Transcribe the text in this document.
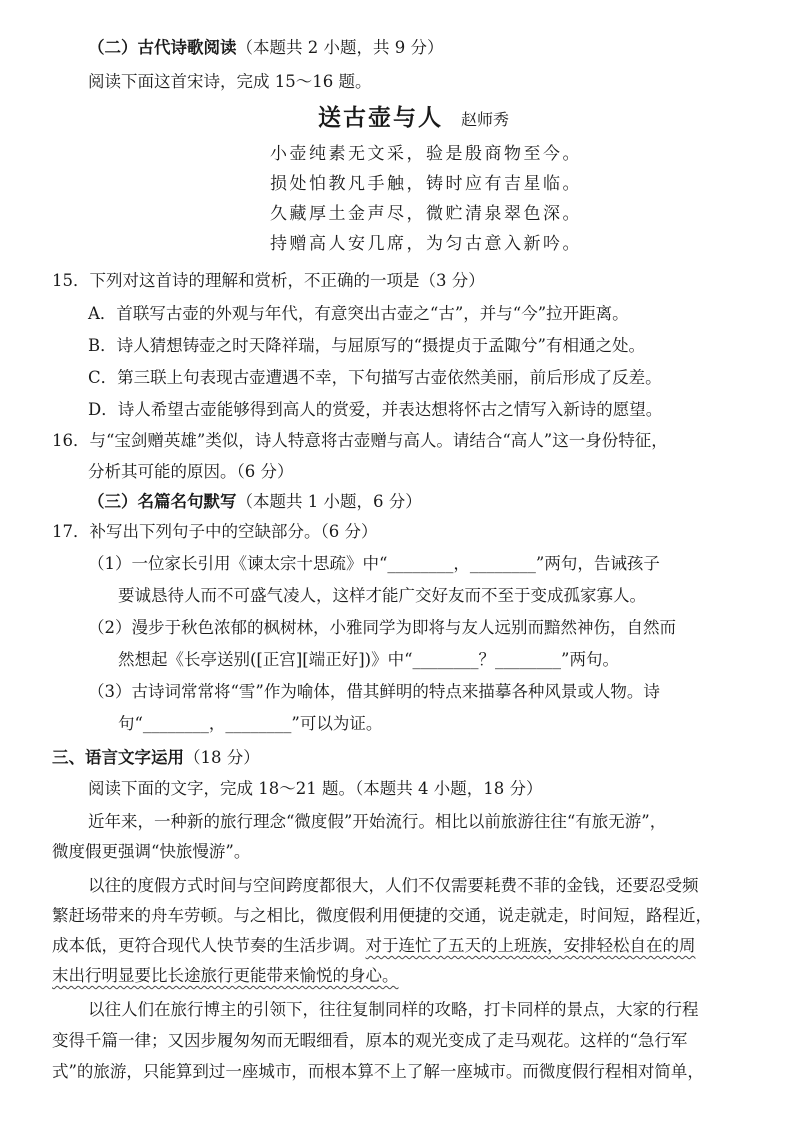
（二）古代诗歌阅读（本题共 2 小题，共 9 分）
阅读下面这首宋诗，完成 15～16 题。
送古壶与人 赵师秀
小壶纯素无文采，验是殷商物至今。
损处怕教凡手触，铸时应有吉星临。
久藏厚土金声尽，微贮清泉翠色深。
持赠高人安几席，为匀古意入新吟。
15．下列对这首诗的理解和赏析，不正确的一项是（3 分）
A．首联写古壶的外观与年代，有意突出古壶之“古”，并与“今”拉开距离。
B．诗人猜想铸壶之时天降祥瑞，与屈原写的“摄提贞于孟陬兮”有相通之处。
C．第三联上句表现古壶遭遇不幸，下句描写古壶依然美丽，前后形成了反差。
D．诗人希望古壶能够得到高人的赏爱，并表达想将怀古之情写入新诗的愿望。
16．与“宝剑赠英雄”类似，诗人特意将古壶赠与高人。请结合“高人”这一身份特征，
分析其可能的原因。（6 分）
（三）名篇名句默写（本题共 1 小题，6 分）
17．补写出下列句子中的空缺部分。（6 分）
（1）一位家长引用《谏太宗十思疏》中“________，________”两句，告诫孩子
要诚恳待人而不可盛气凌人，这样才能广交好友而不至于变成孤家寡人。
（2）漫步于秋色浓郁的枫树林，小雅同学为即将与友人远别而黯然神伤，自然而
然想起《长亭送别([正宫][端正好])》中“________？________”两句。
（3）古诗词常常将“雪”作为喻体，借其鲜明的特点来描摹各种风景或人物。诗
句“________，________”可以为证。
三、语言文字运用（18 分）
阅读下面的文字，完成 18～21 题。（本题共 4 小题，18 分）
近年来，一种新的旅行理念“微度假”开始流行。相比以前旅游往往“有旅无游”，
微度假更强调“快旅慢游”。
以往的度假方式时间与空间跨度都很大，人们不仅需要耗费不菲的金钱，还要忍受频
繁赶场带来的舟车劳顿。与之相比，微度假利用便捷的交通，说走就走，时间短，路程近，
成本低，更符合现代人快节奏的生活步调。对于连忙了五天的上班族，安排轻松自在的周
末出行明显要比长途旅行更能带来愉悦的身心。
以往人们在旅行博主的引领下，往往复制同样的攻略，打卡同样的景点，大家的行程
变得千篇一律；又因步履匆匆而无暇细看，原本的观光变成了走马观花。这样的“急行军
式”的旅游，只能算到过一座城市，而根本算不上了解一座城市。而微度假行程相对简单，
